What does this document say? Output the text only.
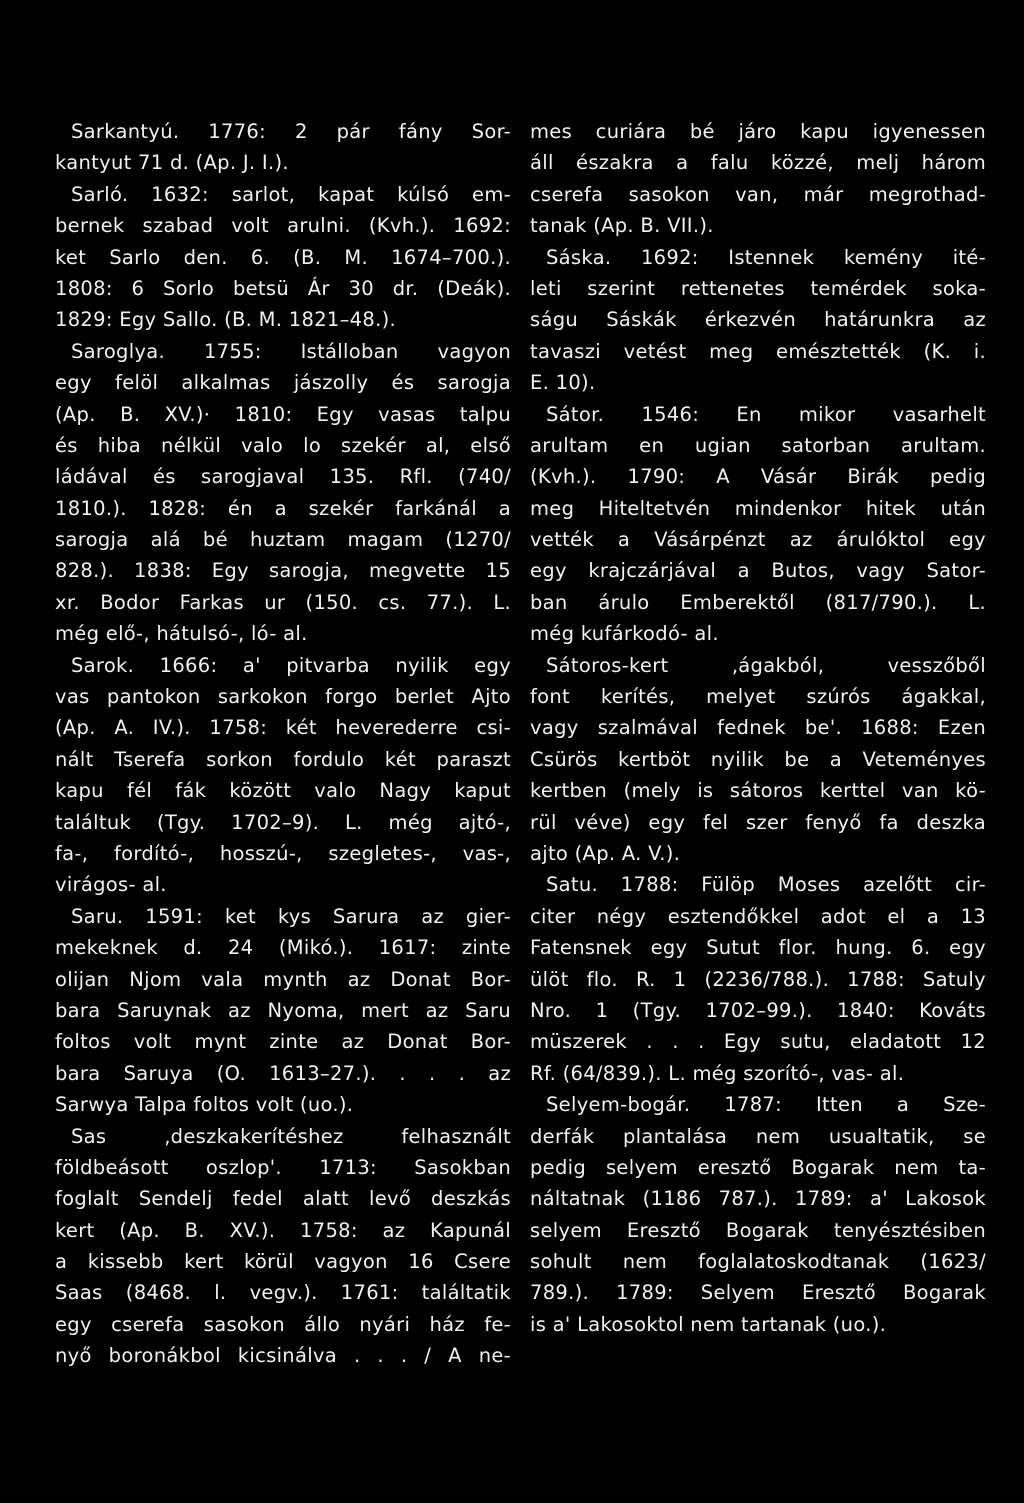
Sarkantyú. 1776: 2 pár fány Sor-
kantyut 71 d. (Ap. J. I.).
Sarló. 1632: sarlot, kapat kúlsó em-
bernek szabad volt arulni. (Kvh.). 1692:
ket Sarlo den. 6. (B. M. 1674–700.).
1808: 6 Sorlo betsü Ár 30 dr. (Deák).
1829: Egy Sallo. (B. M. 1821–48.).
Saroglya. 1755: Istálloban vagyon
egy felöl alkalmas jászolly és sarogja
(Ap. B. XV.)· 1810: Egy vasas talpu
és hiba nélkül valo lo szekér al, első
ládával és sarogjaval 135. Rfl. (740/
1810.). 1828: én a szekér farkánál a
sarogja alá bé huztam magam (1270/
828.). 1838: Egy sarogja, megvette 15
xr. Bodor Farkas ur (150. cs. 77.). L.
még elő-, hátulsó-, ló- al.
Sarok. 1666: a' pitvarba nyilik egy
vas pantokon sarkokon forgo berlet Ajto
(Ap. A. IV.). 1758: két heverederre csi-
nált Tserefa sorkon fordulo két paraszt
kapu fél fák között valo Nagy kaput
találtuk (Tgy. 1702–9). L. még ajtó-,
fa-, fordító-, hosszú-, szegletes-, vas-,
virágos- al.
Saru. 1591: ket kys Sarura az gier-
mekeknek d. 24 (Mikó.). 1617: zinte
olijan Njom vala mynth az Donat Bor-
bara Saruynak az Nyoma, mert az Saru
foltos volt mynt zinte az Donat Bor-
bara Saruya (O. 1613–27.). . . . az
Sarwya Talpa foltos volt (uo.).
Sas ‚deszkakerítéshez felhasznált
földbeásott oszlop'. 1713: Sasokban
foglalt Sendelj fedel alatt levő deszkás
kert (Ap. B. XV.). 1758: az Kapunál
a kissebb kert körül vagyon 16 Csere
Saas (8468. l. vegv.). 1761: találtatik
egy cserefa sasokon állo nyári ház fe-
nyő boronákbol kicsinálva . . . / A ne-
mes curiára bé járo kapu igyenessen
áll északra a falu közzé, melj három
cserefa sasokon van, már megrothad-
tanak (Ap. B. VII.).
Sáska. 1692: Istennek kemény ité-
leti szerint rettenetes temérdek soka-
ságu Sáskák érkezvén határunkra az
tavaszi vetést meg emésztették (K. i.
E. 10).
Sátor. 1546: En mikor vasarhelt
arultam en ugian satorban arultam.
(Kvh.). 1790: A Vásár Birák pedig
meg Hiteltetvén mindenkor hitek után
vették a Vásárpénzt az árulóktol egy
egy krajczárjával a Butos, vagy Sator-
ban árulo Emberektől (817/790.). L.
még kufárkodó- al.
Sátoros-kert ‚ágakból, vesszőből
font kerítés, melyet szúrós ágakkal,
vagy szalmával fednek be'. 1688: Ezen
Csürös kertböt nyilik be a Veteményes
kertben (mely is sátoros kerttel van kö-
rül véve) egy fel szer fenyő fa deszka
ajto (Ap. A. V.).
Satu. 1788: Fülöp Moses azelőtt cir-
citer négy esztendőkkel adot el a 13
Fatensnek egy Sutut flor. hung. 6. egy
ülöt flo. R. 1 (2236/788.). 1788: Satuly
Nro. 1 (Tgy. 1702–99.). 1840: Kováts
müszerek . . . Egy sutu, eladatott 12
Rf. (64/839.). L. még szorító-, vas- al.
Selyem-bogár. 1787: Itten a Sze-
derfák plantalása nem usualtatik, se
pedig selyem eresztő Bogarak nem ta-
náltatnak (1186 787.). 1789: a' Lakosok
selyem Eresztő Bogarak tenyésztésiben
sohult nem foglalatoskodtanak (1623/
789.). 1789: Selyem Eresztő Bogarak
is a' Lakosoktol nem tartanak (uo.).
